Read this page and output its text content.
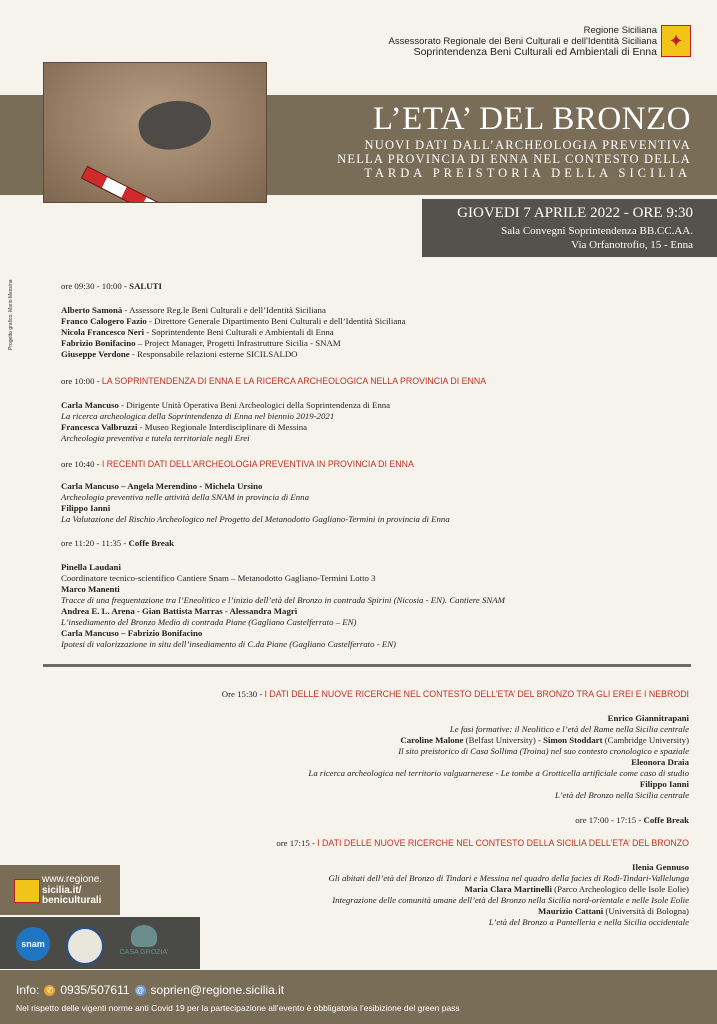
Regione Siciliana
Assessorato Regionale dei Beni Culturali e dell'Identità Siciliana
Soprintendenza Beni Culturali ed Ambientali di Enna
✦
L’ETA’ DEL BRONZO
NUOVI DATI DALL’ARCHEOLOGIA PREVENTIVA
NELLA PROVINCIA DI ENNA NEL CONTESTO DELLA
TARDA PREISTORIA DELLA SICILIA
GIOVEDI 7 APRILE 2022 - ORE 9:30
Sala Convegni Soprintendenza BB.CC.AA.
Via Orfanotrofio, 15 - Enna
Progetto grafico: Mario Messina	ore 09:30 - 10:00 - SALUTI
Alberto Samonà - Assessore Reg.le Beni Culturali e dell’Identità Siciliana
Franco Calogero Fazio - Direttore Generale Dipartimento Beni Culturali e dell’Identità Siciliana
Nicola Francesco Neri - Soprintendente Beni Culturali e Ambientali di Enna
Fabrizio Bonifacino – Project Manager, Progetti Infrastrutture Sicilia - SNAM
Giuseppe Verdone - Responsabile relazioni esterne SICILSALDO
ore 10:00 - LA SOPRINTENDENZA DI ENNA E LA RICERCA ARCHEOLOGICA NELLA PROVINCIA DI ENNA
Carla Mancuso - Dirigente Unità Operativa Beni Archeologici della Soprintendenza di Enna
La ricerca archeologica della Soprintendenza di Enna nel biennio 2019-2021
Francesca Valbruzzi - Museo Regionale Interdisciplinare di Messina
Archeologia preventiva e tutela territoriale negli Erei
ore 10:40 - I RECENTI DATI DELL’ARCHEOLOGIA PREVENTIVA IN PROVINCIA DI ENNA
Carla Mancuso – Angela Merendino - Michela Ursino
Archeologia preventiva nelle attività della SNAM in provincia di Enna
Filippo Ianni
La Valutazione del Rischio Archeologico nel Progetto del Metanodotto Gagliano-Termini in provincia di Enna
ore 11:20 - 11:35 - Coffe Break
Pinella Laudani
Coordinatore tecnico-scientifico Cantiere Snam – Metanodotto Gagliano-Termini Lotto 3
Marco Manenti
Tracce di una frequentazione tra l’Eneolitico e l’inizio dell’età del Bronzo in contrada Spirini (Nicosia - EN). Cantiere SNAM
Andrea E. L. Arena - Gian Battista Marras - Alessandra Magrì
L’insediamento del Bronzo Medio di contrada Piane (Gagliano Castelferrato – EN)
Carla Mancuso – Fabrizio Bonifacino
Ipotesi di valorizzazione in situ dell’insediamento di C.da Piane (Gagliano Castelferrato - EN)
Ore 15:30 - I DATI DELLE NUOVE RICERCHE NEL CONTESTO DELL’ETA’ DEL BRONZO TRA GLI EREI E I NEBRODI
Enrico Giannitrapani
Le fasi formative: il Neolitico e l’età del Rame nella Sicilia centrale
Caroline Malone (Belfast University) - Simon Stoddart (Cambridge University)
Il sito preistorico di Casa Sollima (Troina) nel suo contesto cronologico e spaziale
Eleonora Draia
La ricerca archeologica nel territorio valguarnerese - Le tombe a Grotticella artificiale come caso di studio
Filippo Ianni
L’età del Bronzo nella Sicilia centrale
ore 17:00 - 17:15 - Coffe Break
ore 17:15 - I DATI DELLE NUOVE RICERCHE NEL CONTESTO DELLA SICILIA DELL’ETA’ DEL BRONZO
Ilenia Gennuso
Gli abitati dell’età del Bronzo di Tindari e Messina nel quadro della facies di Rodì-Tindari-Vallelunga
Maria Clara Martinelli (Parco Archeologico delle Isole Eolie)
Integrazione delle comunità umane dell’età del Bronzo nella Sicilia nord-orientale e nelle Isole Eolie
Maurizio Cattani (Università di Bologna)
L’età del Bronzo a Pantelleria e nella Sicilia occidentale
www.regione.
sicilia.it/
beniculturali
snam
CASA GROZIA'
Info: ✆ 0935/507611 @ soprien@regione.sicilia.it
Nel rispetto delle vigenti norme anti Covid 19 per la partecipazione all’evento è obbligatoria l’esibizione del green pass
